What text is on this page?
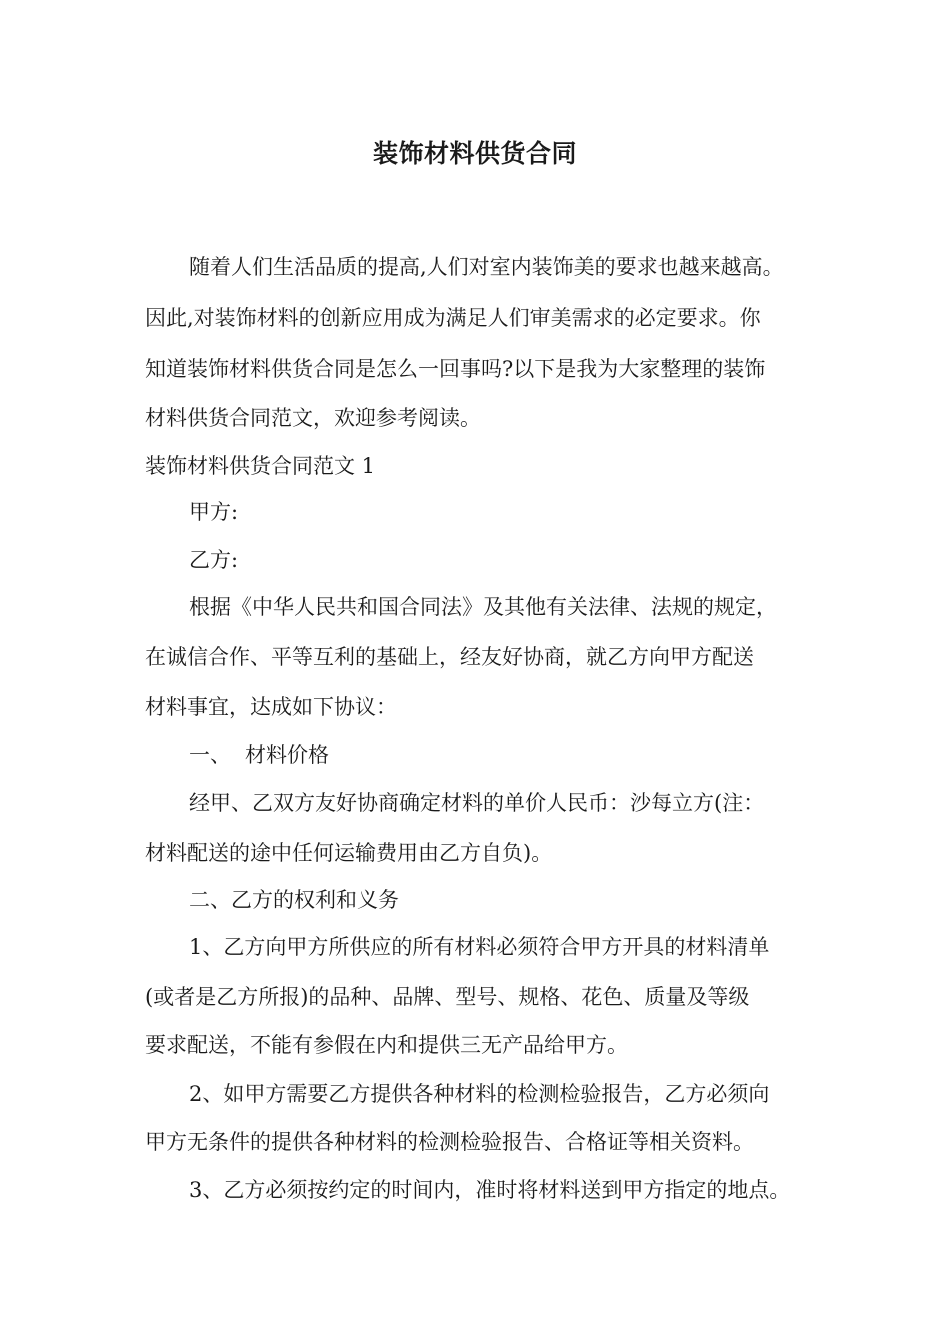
装饰材料供货合同
随着人们生活品质的提高,人们对室内装饰美的要求也越来越高。
因此,对装饰材料的创新应用成为满足人们审美需求的必定要求。你
知道装饰材料供货合同是怎么一回事吗?以下是我为大家整理的装饰
材料供货合同范文，欢迎参考阅读。
装饰材料供货合同范文 1
甲方:
乙方:
根据《中华人民共和国合同法》及其他有关法律、法规的规定，
在诚信合作、平等互利的基础上，经友好协商，就乙方向甲方配送
材料事宜，达成如下协议：
一、 材料价格
经甲、乙双方友好协商确定材料的单价人民币：沙每立方(注：
材料配送的途中任何运输费用由乙方自负)。
二、乙方的权利和义务
1、乙方向甲方所供应的所有材料必须符合甲方开具的材料清单
(或者是乙方所报)的品种、品牌、型号、规格、花色、质量及等级
要求配送，不能有参假在内和提供三无产品给甲方。
2、如甲方需要乙方提供各种材料的检测检验报告，乙方必须向
甲方无条件的提供各种材料的检测检验报告、合格证等相关资料。
3、乙方必须按约定的时间内，准时将材料送到甲方指定的地点。
